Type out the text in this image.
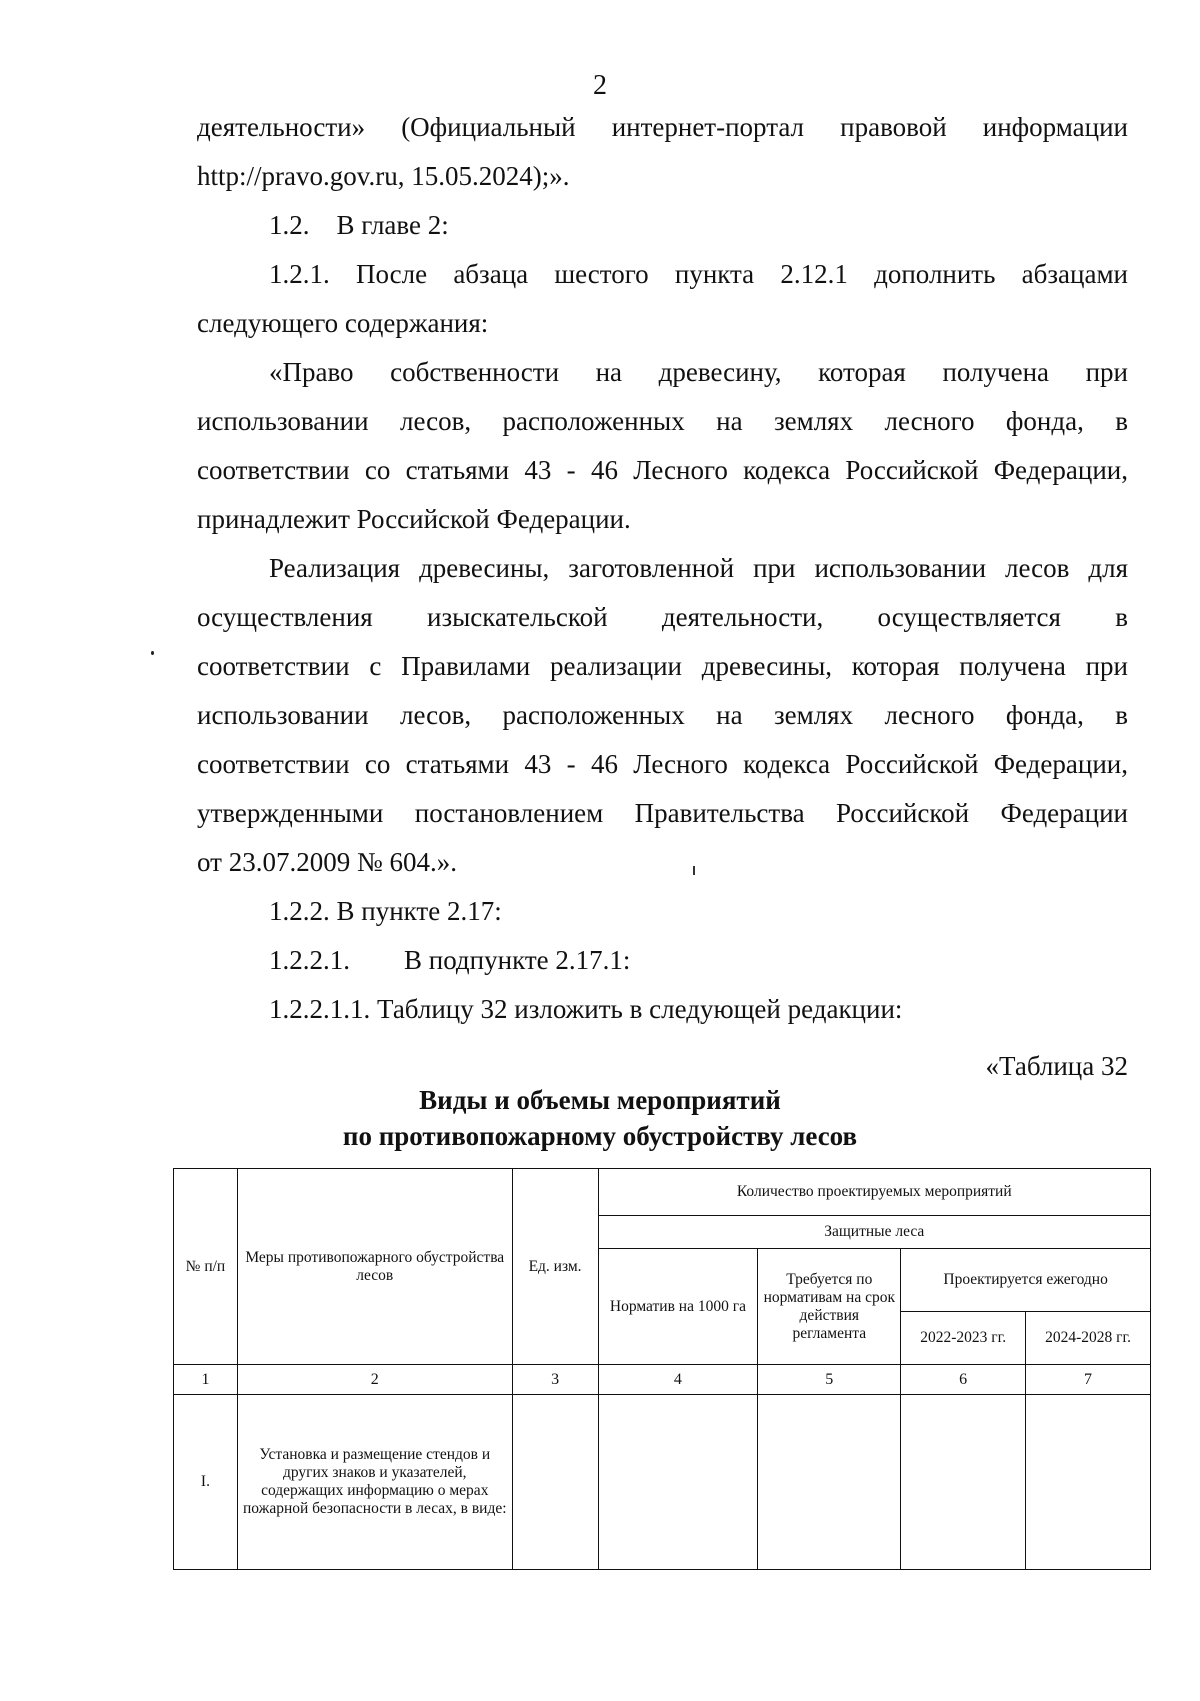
2

деятельности» (Официальный интернет-портал правовой информации

http://pravo.gov.ru, 15.05.2024);».

1.2.    В главе 2:

1.2.1. После абзаца шестого пункта 2.12.1 дополнить абзацами

следующего содержания:

«Право собственности на древесину, которая получена при

использовании лесов, расположенных на землях лесного фонда, в

соответствии со статьями 43 - 46 Лесного кодекса Российской Федерации,

принадлежит Российской Федерации.

Реализация древесины, заготовленной при использовании лесов для

осуществления изыскательской деятельности, осуществляется в

соответствии с Правилами реализации древесины, которая получена при

использовании лесов, расположенных на землях лесного фонда, в

соответствии со статьями 43 - 46 Лесного кодекса Российской Федерации,

утвержденными постановлением Правительства Российской Федерации

от 23.07.2009 № 604.».

1.2.2. В пункте 2.17:

1.2.2.1.        В подпункте 2.17.1:

1.2.2.1.1. Таблицу 32 изложить в следующей редакции:

«Таблица 32

Виды и объемы мероприятий
по противопожарному обустройству лесов
№ п/п	Меры противопожарного обустройства лесов	Ед. изм.	Количество проектируемых мероприятий			
			Защитные леса			
			Норматив на 1000 га	Требуется по нормативам на срок действия регламента	Проектируется ежегодно	
					2022-2023 гг.	2024-2028 гг.
1	2	3	4	5	6	7
I.	Установка и размещение стендов и других знаков и указателей, содержащих информацию о мерах пожарной безопасности в лесах, в виде:					
